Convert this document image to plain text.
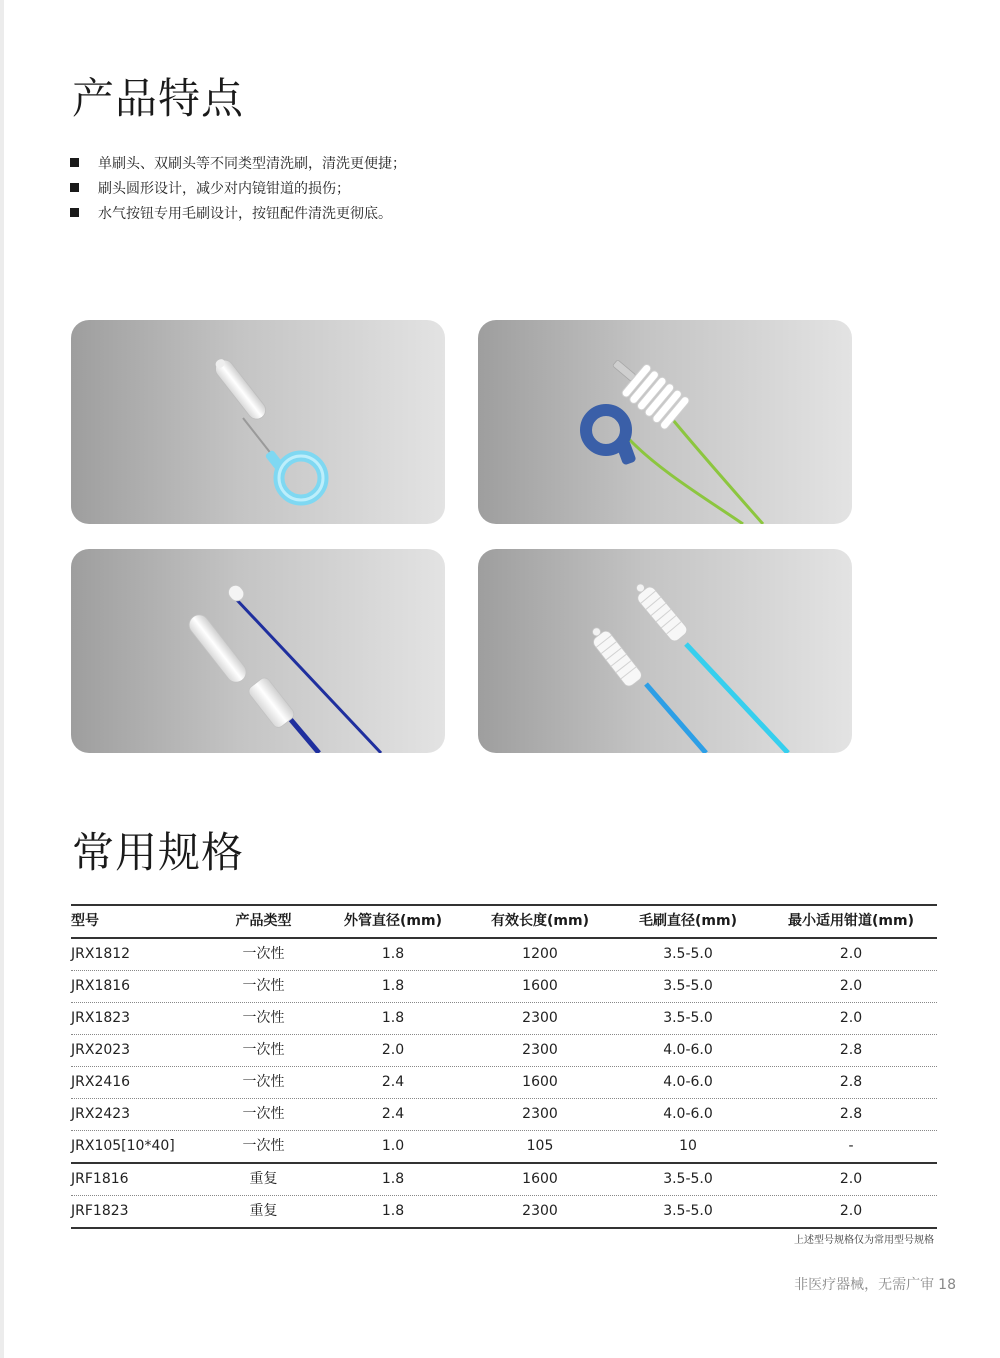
产品特点
单刷头、双刷头等不同类型清洗刷，清洗更便捷；
刷头圆形设计，减少对内镜钳道的损伤；
水气按钮专用毛刷设计，按钮配件清洗更彻底。
常用规格
型号	产品类型	外管直径(mm)	有效长度(mm)	毛刷直径(mm)	最小适用钳道(mm)
JRX1812	一次性	1.8	1200	3.5-5.0	2.0
JRX1816	一次性	1.8	1600	3.5-5.0	2.0
JRX1823	一次性	1.8	2300	3.5-5.0	2.0
JRX2023	一次性	2.0	2300	4.0-6.0	2.8
JRX2416	一次性	2.4	1600	4.0-6.0	2.8
JRX2423	一次性	2.4	2300	4.0-6.0	2.8
JRX105[10*40]	一次性	1.0	105	10	-
JRF1816	重复	1.8	1600	3.5-5.0	2.0
JRF1823	重复	1.8	2300	3.5-5.0	2.0
上述型号规格仅为常用型号规格
非医疗器械，无需广审 18
